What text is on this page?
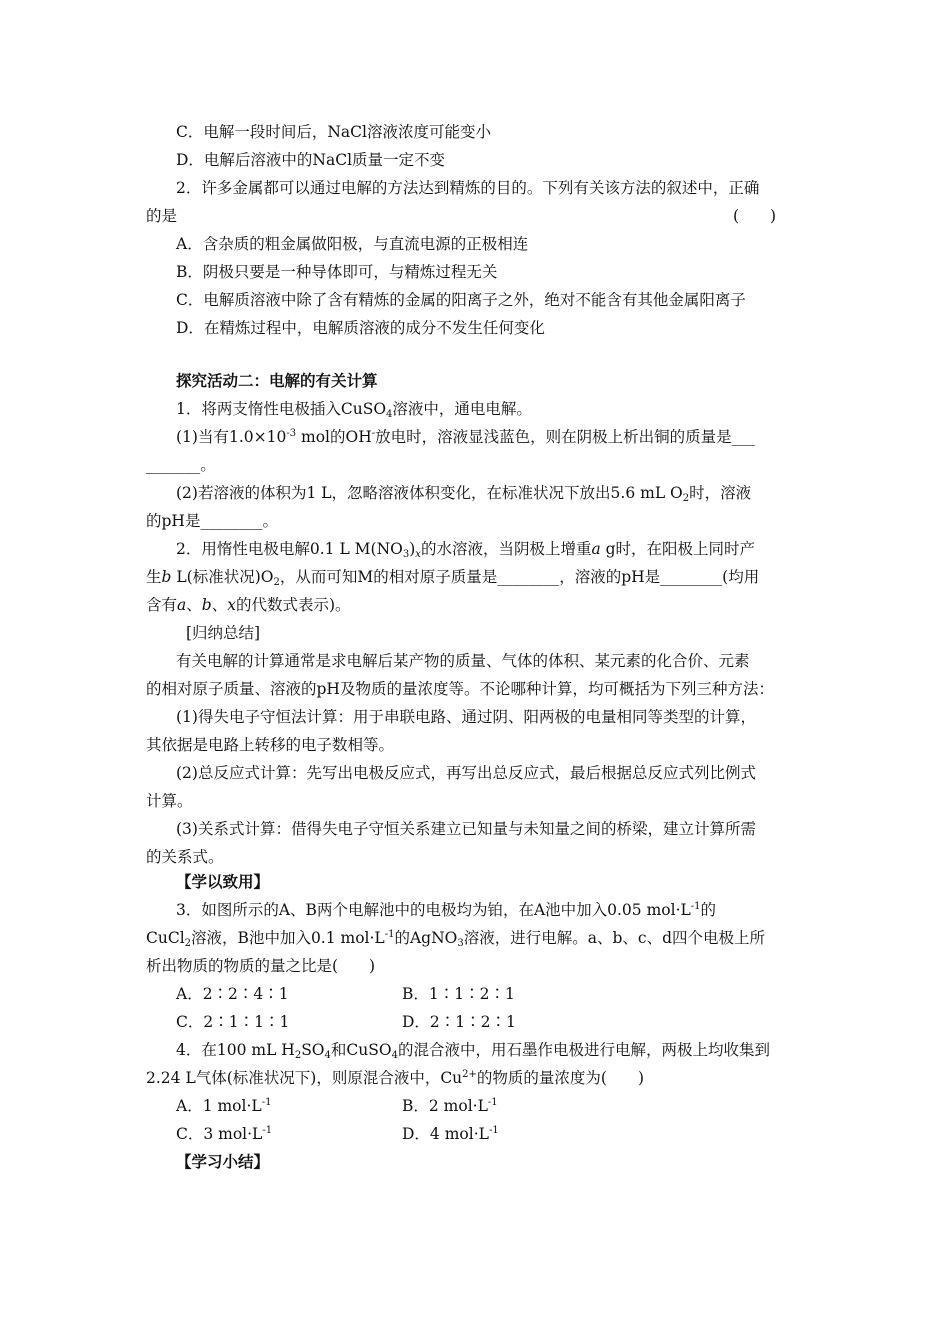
C．电解一段时间后，NaCl溶液浓度可能变小
D．电解后溶液中的NaCl质量一定不变
2．许多金属都可以通过电解的方法达到精炼的目的。下列有关该方法的叙述中，正确
的是	(　　)
A．含杂质的粗金属做阳极，与直流电源的正极相连
B．阴极只要是一种导体即可，与精炼过程无关
C．电解质溶液中除了含有精炼的金属的阳离子之外，绝对不能含有其他金属阳离子
D．在精炼过程中，电解质溶液的成分不发生任何变化
探究活动二：电解的有关计算
1．将两支惰性电极插入CuSO$_4$溶液中，通电电解。
(1)当有$1.0\times 10^{-3}$ mol的OH-放电时，溶液显浅蓝色，则在阴极上析出铜的质量是___
_______。
(2)若溶液的体积为1 L，忽略溶液体积变化，在标准状况下放出5.6 mL $O_2$时，溶液
的pH是________。
2．用惰性电极电解0.1 L $M(NO_3)_x$的水溶液，当阴极上增重a g时，在阳极上同时产
生b L(标准状况)$O_2$，从而可知M的相对原子质量是________，溶液的pH是________(均用
含有a、b、x的代数式表示)。
[归纳总结]
有关电解的计算通常是求电解后某产物的质量、气体的体积、某元素的化合价、元素
的相对原子质量、溶液的pH及物质的量浓度等。不论哪种计算，均可概括为下列三种方法：
(1)得失电子守恒法计算：用于串联电路、通过阴、阳两极的电量相同等类型的计算，
其依据是电路上转移的电子数相等。
(2)总反应式计算：先写出电极反应式，再写出总反应式，最后根据总反应式列比例式
计算。
(3)关系式计算：借得失电子守恒关系建立已知量与未知量之间的桥梁，建立计算所需
的关系式。
【学以致用】
3．如图所示的A、B两个电解池中的电极均为铂，在A池中加入0.05 $mol\cdot L^{-1}$的
CuCl$_2$溶液，B池中加入0.1 $mol\cdot L^{-1}$的AgNO$_3$溶液，进行电解。a、b、c、d四个电极上所
析出物质的物质的量之比是(　　)
A．2∶2∶4∶1	B．1∶1∶2∶1
C．2∶1∶1∶1	D．2∶1∶2∶1
4．在100 mL $H_2SO_4$和CuSO$_4$的混合液中，用石墨作电极进行电解，两极上均收集到
2.24 L气体(标准状况下)，则原混合液中，$Cu^{2+}$的物质的量浓度为(　　)
A．1 $mol\cdot L^{-1}$	B．2 $mol\cdot L^{-1}$
C．3 $mol\cdot L^{-1}$	D．4 $mol\cdot L^{-1}$
【学习小结】
